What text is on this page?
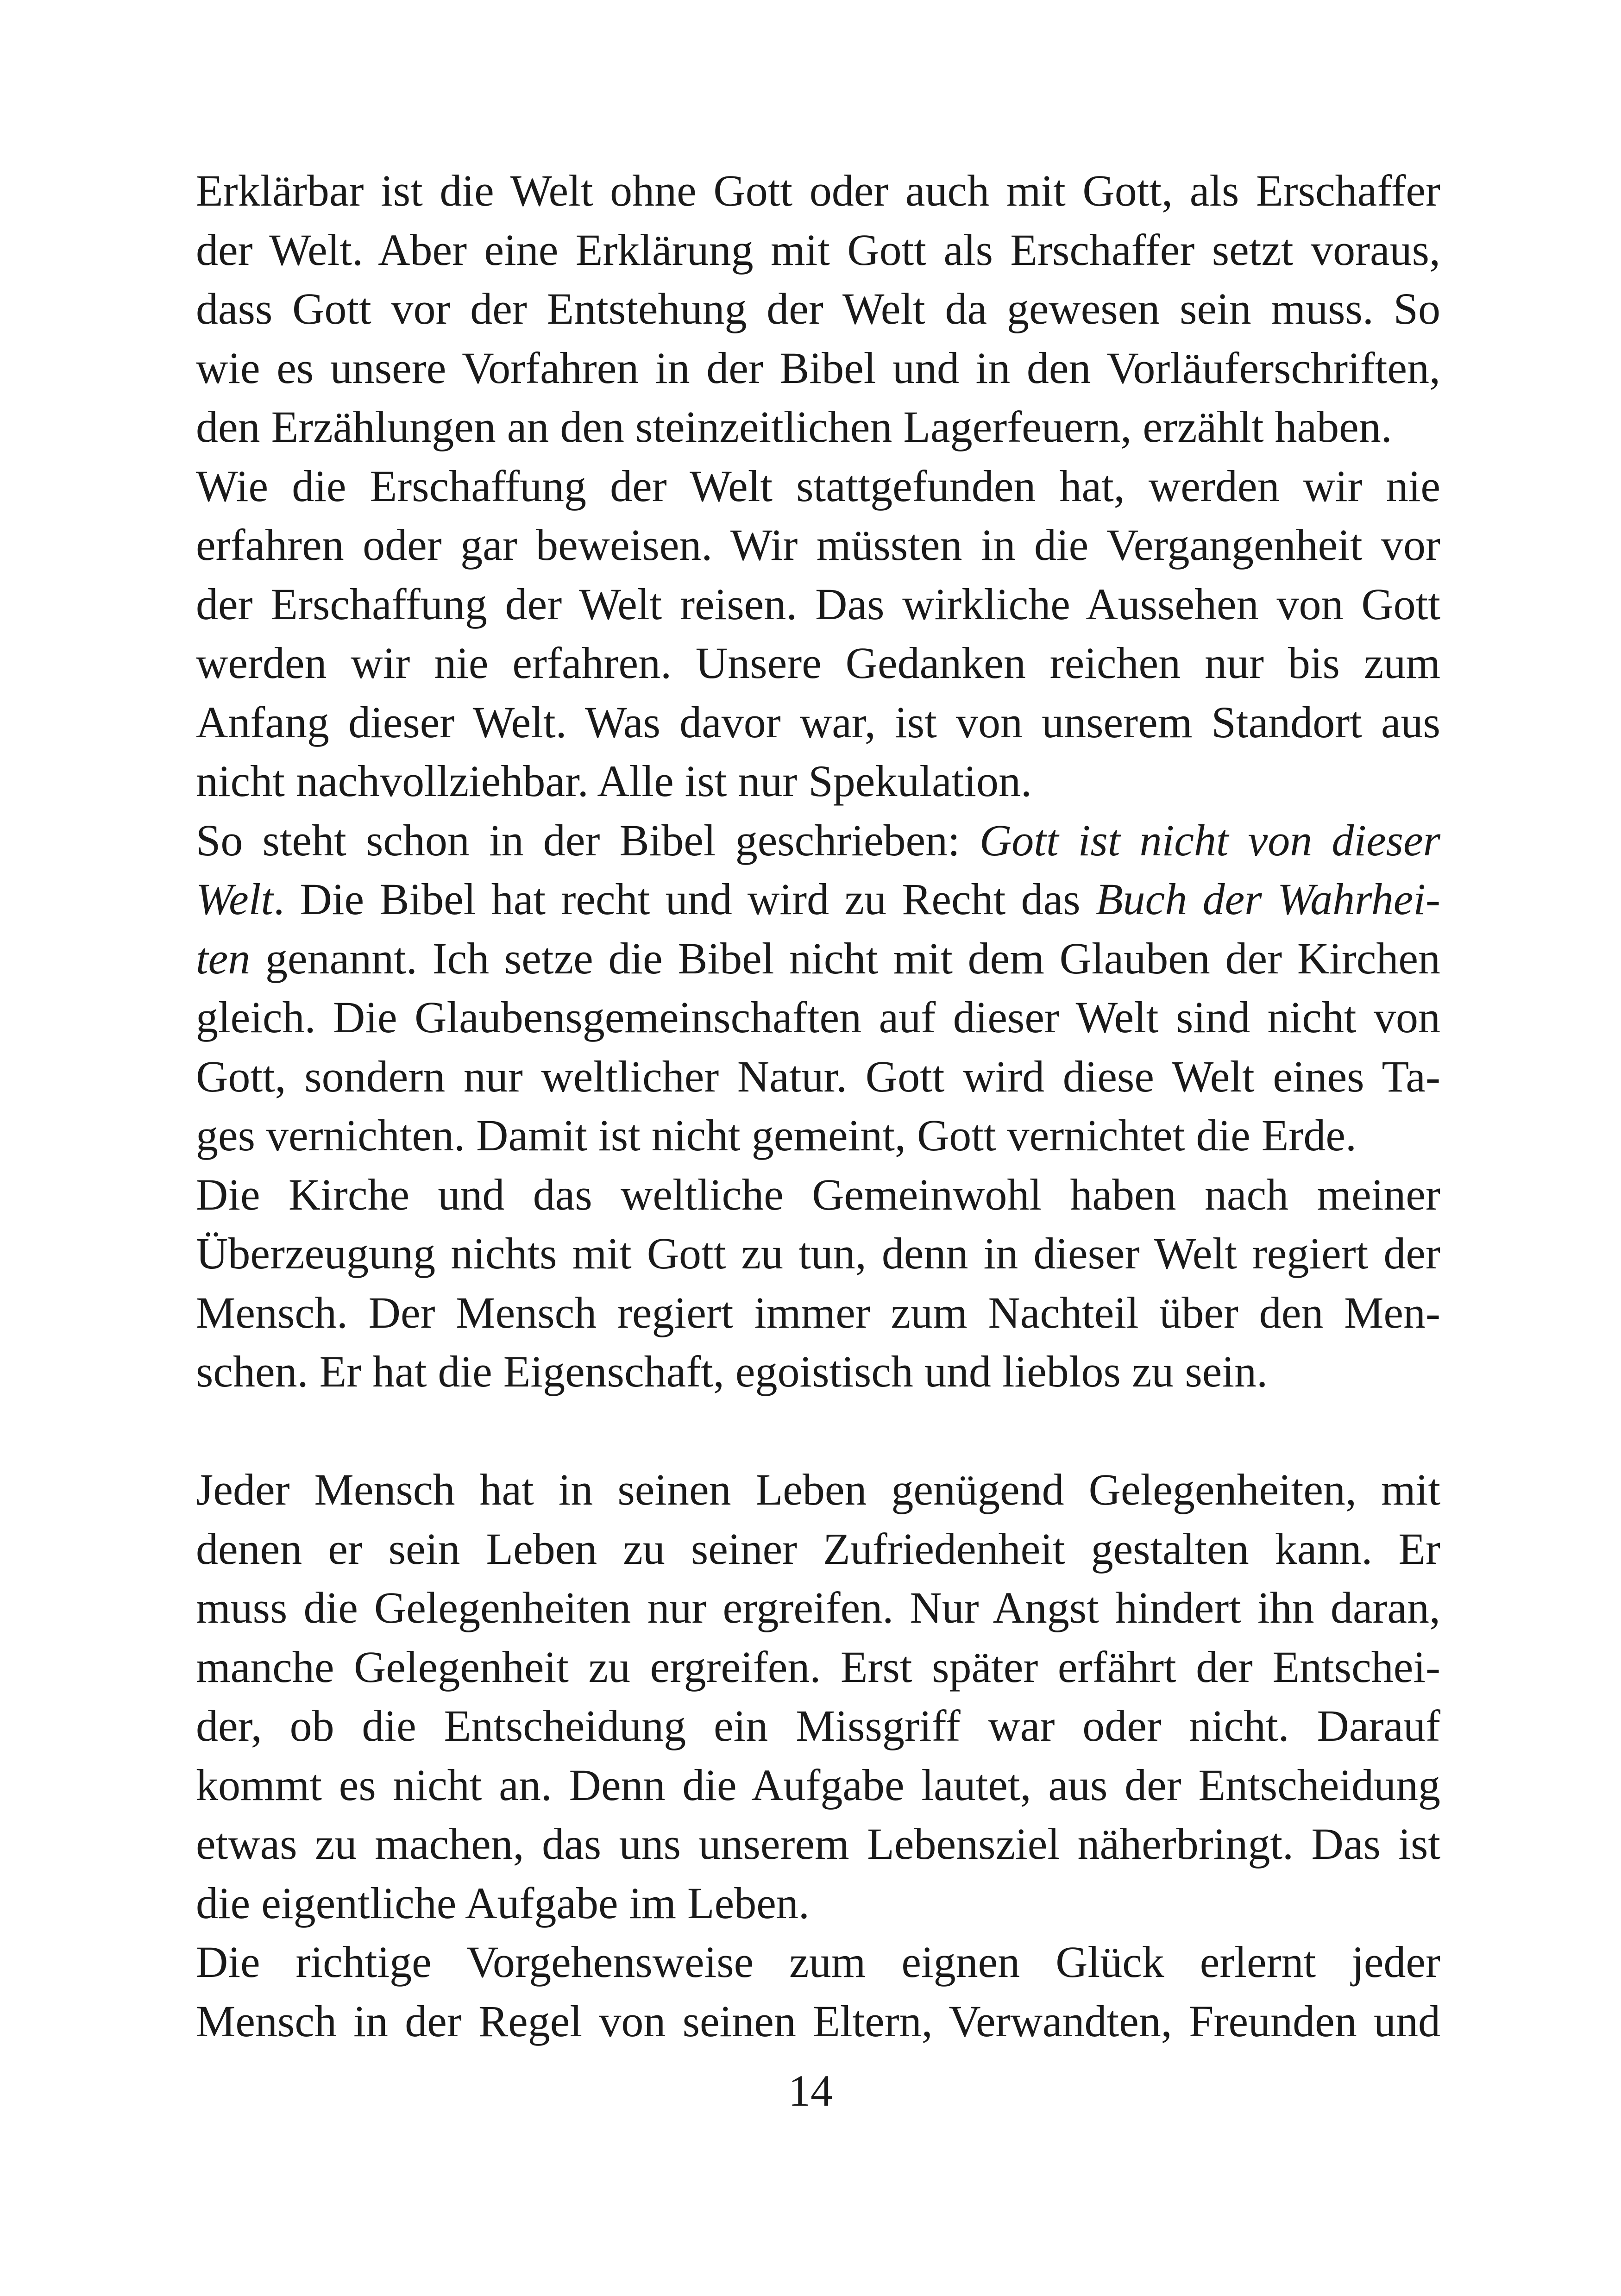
Erklärbar ist die Welt ohne Gott oder auch mit Gott, als Erschaffer
der Welt. Aber eine Erklärung mit Gott als Erschaffer setzt voraus,
dass Gott vor der Entstehung der Welt da gewesen sein muss. So
wie es unsere Vorfahren in der Bibel und in den Vorläuferschriften,
den Erzählungen an den steinzeitlichen Lagerfeuern, erzählt haben.
Wie die Erschaffung der Welt stattgefunden hat, werden wir nie
erfahren oder gar beweisen. Wir müssten in die Vergangenheit vor
der Erschaffung der Welt reisen. Das wirkliche Aussehen von Gott
werden wir nie erfahren. Unsere Gedanken reichen nur bis zum
Anfang dieser Welt. Was davor war, ist von unserem Standort aus
nicht nachvollziehbar. Alle ist nur Spekulation.
So steht schon in der Bibel geschrieben: Gott ist nicht von dieser
Welt. Die Bibel hat recht und wird zu Recht das Buch der Wahrhei-
ten genannt. Ich setze die Bibel nicht mit dem Glauben der Kirchen
gleich. Die Glaubensgemeinschaften auf dieser Welt sind nicht von
Gott, sondern nur weltlicher Natur. Gott wird diese Welt eines Ta-
ges vernichten. Damit ist nicht gemeint, Gott vernichtet die Erde.
Die Kirche und das weltliche Gemeinwohl haben nach meiner
Überzeugung nichts mit Gott zu tun, denn in dieser Welt regiert der
Mensch. Der Mensch regiert immer zum Nachteil über den Men-
schen. Er hat die Eigenschaft, egoistisch und lieblos zu sein.
Jeder Mensch hat in seinen Leben genügend Gelegenheiten, mit
denen er sein Leben zu seiner Zufriedenheit gestalten kann. Er
muss die Gelegenheiten nur ergreifen. Nur Angst hindert ihn daran,
manche Gelegenheit zu ergreifen. Erst später erfährt der Entschei-
der, ob die Entscheidung ein Missgriff war oder nicht. Darauf
kommt es nicht an. Denn die Aufgabe lautet, aus der Entscheidung
etwas zu machen, das uns unserem Lebensziel näherbringt. Das ist
die eigentliche Aufgabe im Leben.
Die richtige Vorgehensweise zum eignen Glück erlernt jeder
Mensch in der Regel von seinen Eltern, Verwandten, Freunden und
14
